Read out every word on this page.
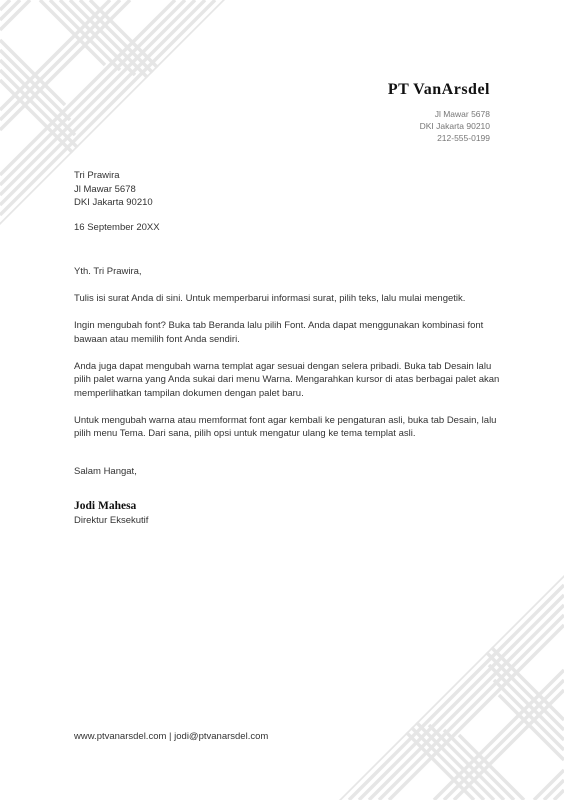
PT VanArsdel
Jl Mawar 5678
DKI Jakarta 90210
212-555-0199
Tri Prawira
Jl Mawar 5678
DKI Jakarta 90210
16 September 20XX

Yth. Tri Prawira,

Tulis isi surat Anda di sini. Untuk memperbarui informasi surat, pilih teks, lalu mulai mengetik.

Ingin mengubah font? Buka tab Beranda lalu pilih Font. Anda dapat menggunakan kombinasi font bawaan atau memilih font Anda sendiri.

Anda juga dapat mengubah warna templat agar sesuai dengan selera pribadi. Buka tab Desain lalu pilih palet warna yang Anda sukai dari menu Warna. Mengarahkan kursor di atas berbagai palet akan memperlihatkan tampilan dokumen dengan palet baru.

Untuk mengubah warna atau memformat font agar kembali ke pengaturan asli, buka tab Desain, lalu pilih menu Tema. Dari sana, pilih opsi untuk mengatur ulang ke tema templat asli.

Salam Hangat,
Jodi Mahesa
Direktur Eksekutif
www.ptvanarsdel.com | jodi@ptvanarsdel.com
